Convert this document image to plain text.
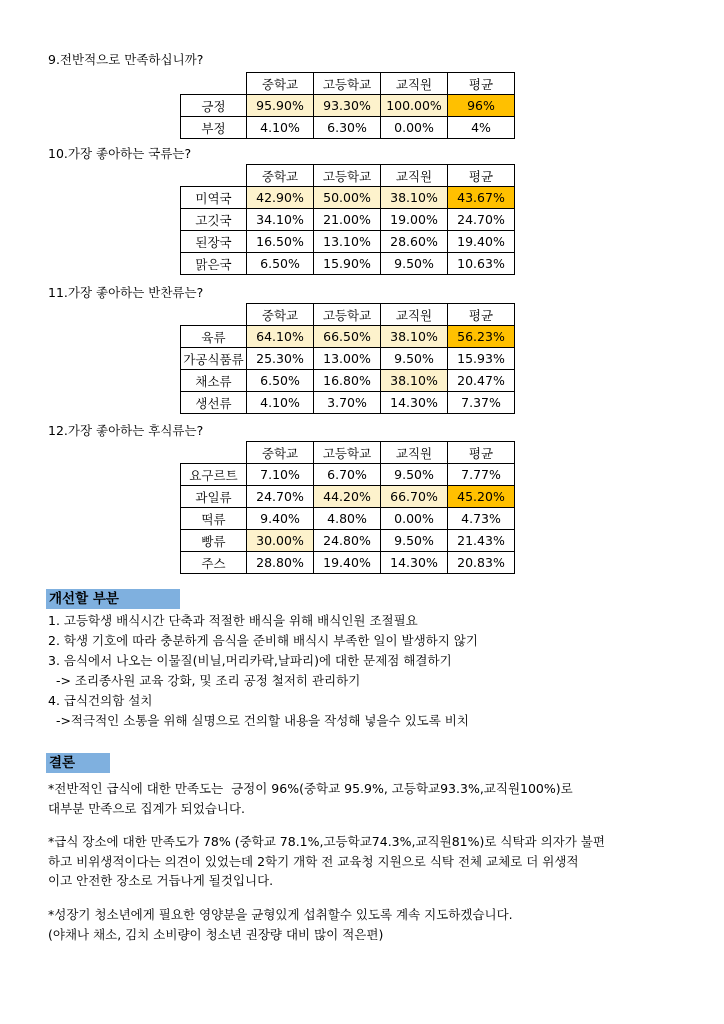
9.전반적으로 만족하십니까?
	중학교	고등학교	교직원	평균
긍정	95.90%	93.30%	100.00%	96%
부정	4.10%	6.30%	0.00%	4%
10.가장 좋아하는 국류는?
	중학교	고등학교	교직원	평균
미역국	42.90%	50.00%	38.10%	43.67%
고깃국	34.10%	21.00%	19.00%	24.70%
된장국	16.50%	13.10%	28.60%	19.40%
맑은국	6.50%	15.90%	9.50%	10.63%
11.가장 좋아하는 반찬류는?
	중학교	고등학교	교직원	평균
육류	64.10%	66.50%	38.10%	56.23%
가공식품류	25.30%	13.00%	9.50%	15.93%
채소류	6.50%	16.80%	38.10%	20.47%
생선류	4.10%	3.70%	14.30%	7.37%
12.가장 좋아하는 후식류는?
	중학교	고등학교	교직원	평균
요구르트	7.10%	6.70%	9.50%	7.77%
과일류	24.70%	44.20%	66.70%	45.20%
떡류	9.40%	4.80%	0.00%	4.73%
빵류	30.00%	24.80%	9.50%	21.43%
주스	28.80%	19.40%	14.30%	20.83%
개선할 부분
1. 고등학생 배식시간 단축과 적절한 배식을 위해 배식인원 조절필요
2. 학생 기호에 따라 충분하게 음식을 준비해 배식시 부족한 일이 발생하지 않기
3. 음식에서 나오는 이물질(비닐,머리카락,날파리)에 대한 문제점 해결하기
-> 조리종사원 교육 강화, 및 조리 공정 철저히 관리하기
4. 급식건의함 설치
->적극적인 소통을 위해 실명으로 건의할 내용을 작성해 넣을수 있도록 비치
결론
*전반적인 급식에 대한 만족도는  긍정이 96%(중학교 95.9%, 고등학교93.3%,교직원100%)로
대부분 만족으로 집계가 되었습니다.
*급식 장소에 대한 만족도가 78% (중학교 78.1%,고등학교74.3%,교직원81%)로 식탁과 의자가 불편
하고 비위생적이다는 의견이 있었는데 2학기 개학 전 교육청 지원으로 식탁 전체 교체로 더 위생적
이고 안전한 장소로 거듭나게 될것입니다.
*성장기 청소년에게 필요한 영양분을 균형있게 섭취할수 있도록 계속 지도하겠습니다.
(야채나 채소, 김치 소비량이 청소년 권장량 대비 많이 적은편)
